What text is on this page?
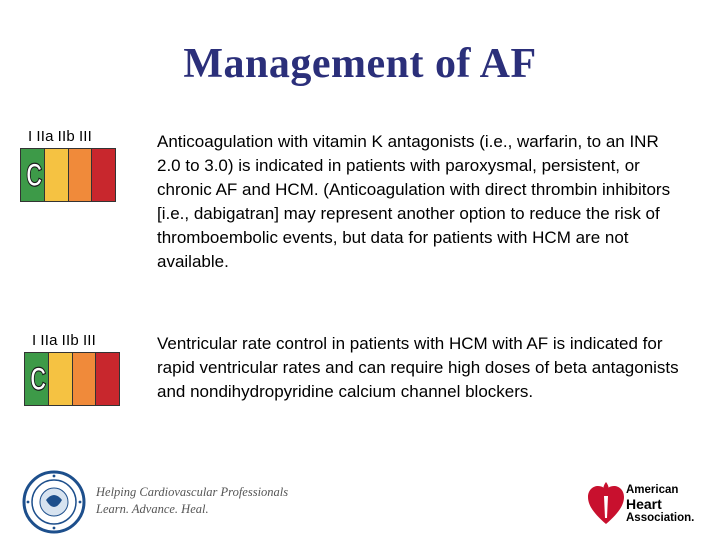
Management of AF
I IIa IIb III
C
Anticoagulation with vitamin K antagonists (i.e., warfarin, to an INR 2.0 to 3.0) is indicated in patients with paroxysmal, persistent, or chronic AF and HCM. (Anticoagulation with direct thrombin inhibitors [i.e., dabigatran] may represent another option to reduce the risk of thromboembolic events, but data for patients with HCM are not available.
I IIa IIb III
C
Ventricular rate control in patients with HCM with AF is indicated for rapid ventricular rates and can require high doses of beta antagonists and nondihydropyridine calcium channel blockers.
Helping Cardiovascular Professionals
Learn. Advance. Heal.
American
Heart
Association.
